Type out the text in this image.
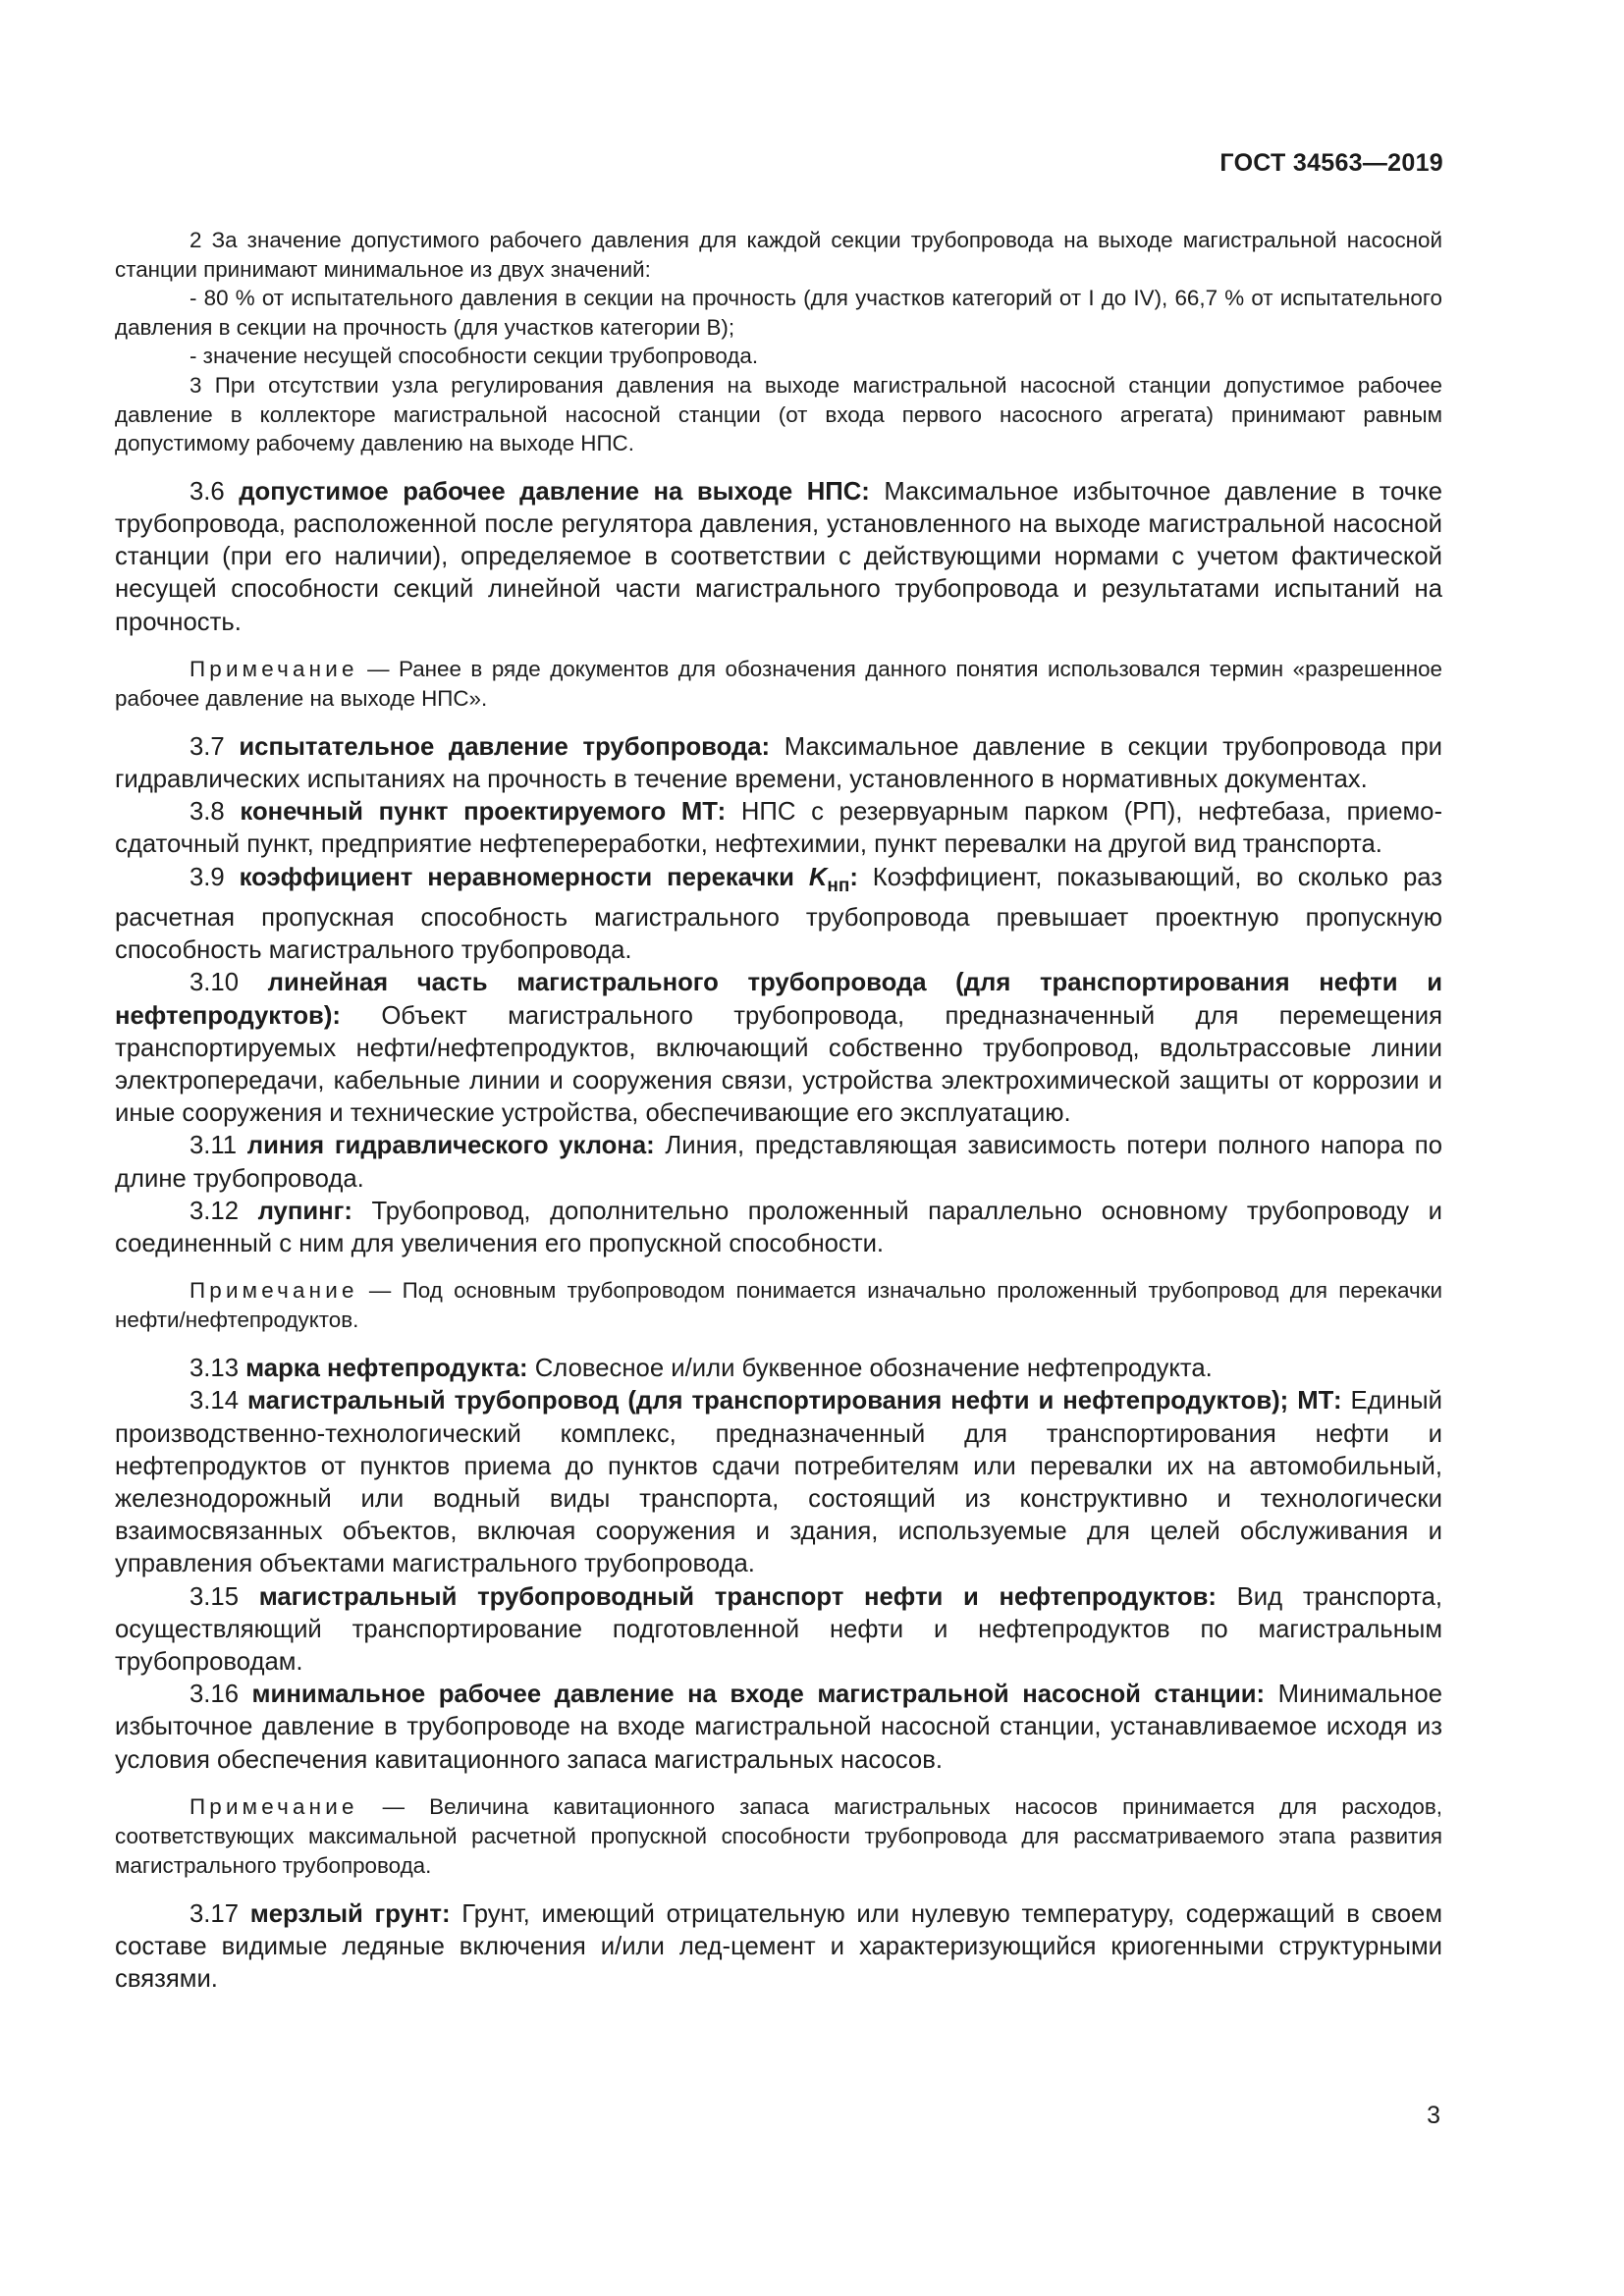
ГОСТ 34563—2019

2 За значение допустимого рабочего давления для каждой секции трубопровода на выходе магистральной насосной станции принимают минимальное из двух значений:

- 80 % от испытательного давления в секции на прочность (для участков категорий от I до IV), 66,7 % от испытательного давления в секции на прочность (для участков категории В);

- значение несущей способности секции трубопровода.

3 При отсутствии узла регулирования давления на выходе магистральной насосной станции допустимое рабочее давление в коллекторе магистральной насосной станции (от входа первого насосного агрегата) принимают равным допустимому рабочему давлению на выходе НПС.

3.6 допустимое рабочее давление на выходе НПС: Максимальное избыточное давление в точке трубопровода, расположенной после регулятора давления, установленного на выходе магистральной насосной станции (при его наличии), определяемое в соответствии с действующими нормами с учетом фактической несущей способности секций линейной части магистрального трубопровода и результатами испытаний на прочность.

Примечание — Ранее в ряде документов для обозначения данного понятия использовался термин «разрешенное рабочее давление на выходе НПС».

3.7 испытательное давление трубопровода: Максимальное давление в секции трубопровода при гидравлических испытаниях на прочность в течение времени, установленного в нормативных документах.

3.8 конечный пункт проектируемого МТ: НПС с резервуарным парком (РП), нефтебаза, приемо-сдаточный пункт, предприятие нефтепереработки, нефтехимии, пункт перевалки на другой вид транспорта.

3.9 коэффициент неравномерности перекачки $K_{нп}$: Коэффициент, показывающий, во сколько раз расчетная пропускная способность магистрального трубопровода превышает проектную пропускную способность магистрального трубопровода.

3.10 линейная часть магистрального трубопровода (для транспортирования нефти и нефтепродуктов): Объект магистрального трубопровода, предназначенный для перемещения транспортируемых нефти/нефтепродуктов, включающий собственно трубопровод, вдольтрассовые линии электропередачи, кабельные линии и сооружения связи, устройства электрохимической защиты от коррозии и иные сооружения и технические устройства, обеспечивающие его эксплуатацию.

3.11 линия гидравлического уклона: Линия, представляющая зависимость потери полного напора по длине трубопровода.

3.12 лупинг: Трубопровод, дополнительно проложенный параллельно основному трубопроводу и соединенный с ним для увеличения его пропускной способности.

Примечание — Под основным трубопроводом понимается изначально проложенный трубопровод для перекачки нефти/нефтепродуктов.

3.13 марка нефтепродукта: Словесное и/или буквенное обозначение нефтепродукта.

3.14 магистральный трубопровод (для транспортирования нефти и нефтепродуктов); МТ: Единый производственно-технологический комплекс, предназначенный для транспортирования нефти и нефтепродуктов от пунктов приема до пунктов сдачи потребителям или перевалки их на автомобильный, железнодорожный или водный виды транспорта, состоящий из конструктивно и технологически взаимосвязанных объектов, включая сооружения и здания, используемые для целей обслуживания и управления объектами магистрального трубопровода.

3.15 магистральный трубопроводный транспорт нефти и нефтепродуктов: Вид транспорта, осуществляющий транспортирование подготовленной нефти и нефтепродуктов по магистральным трубопроводам.

3.16 минимальное рабочее давление на входе магистральной насосной станции: Минимальное избыточное давление в трубопроводе на входе магистральной насосной станции, устанавливаемое исходя из условия обеспечения кавитационного запаса магистральных насосов.

Примечание — Величина кавитационного запаса магистральных насосов принимается для расходов, соответствующих максимальной расчетной пропускной способности трубопровода для рассматриваемого этапа развития магистрального трубопровода.

3.17 мерзлый грунт: Грунт, имеющий отрицательную или нулевую температуру, содержащий в своем составе видимые ледяные включения и/или лед-цемент и характеризующийся криогенными структурными связями.

3
